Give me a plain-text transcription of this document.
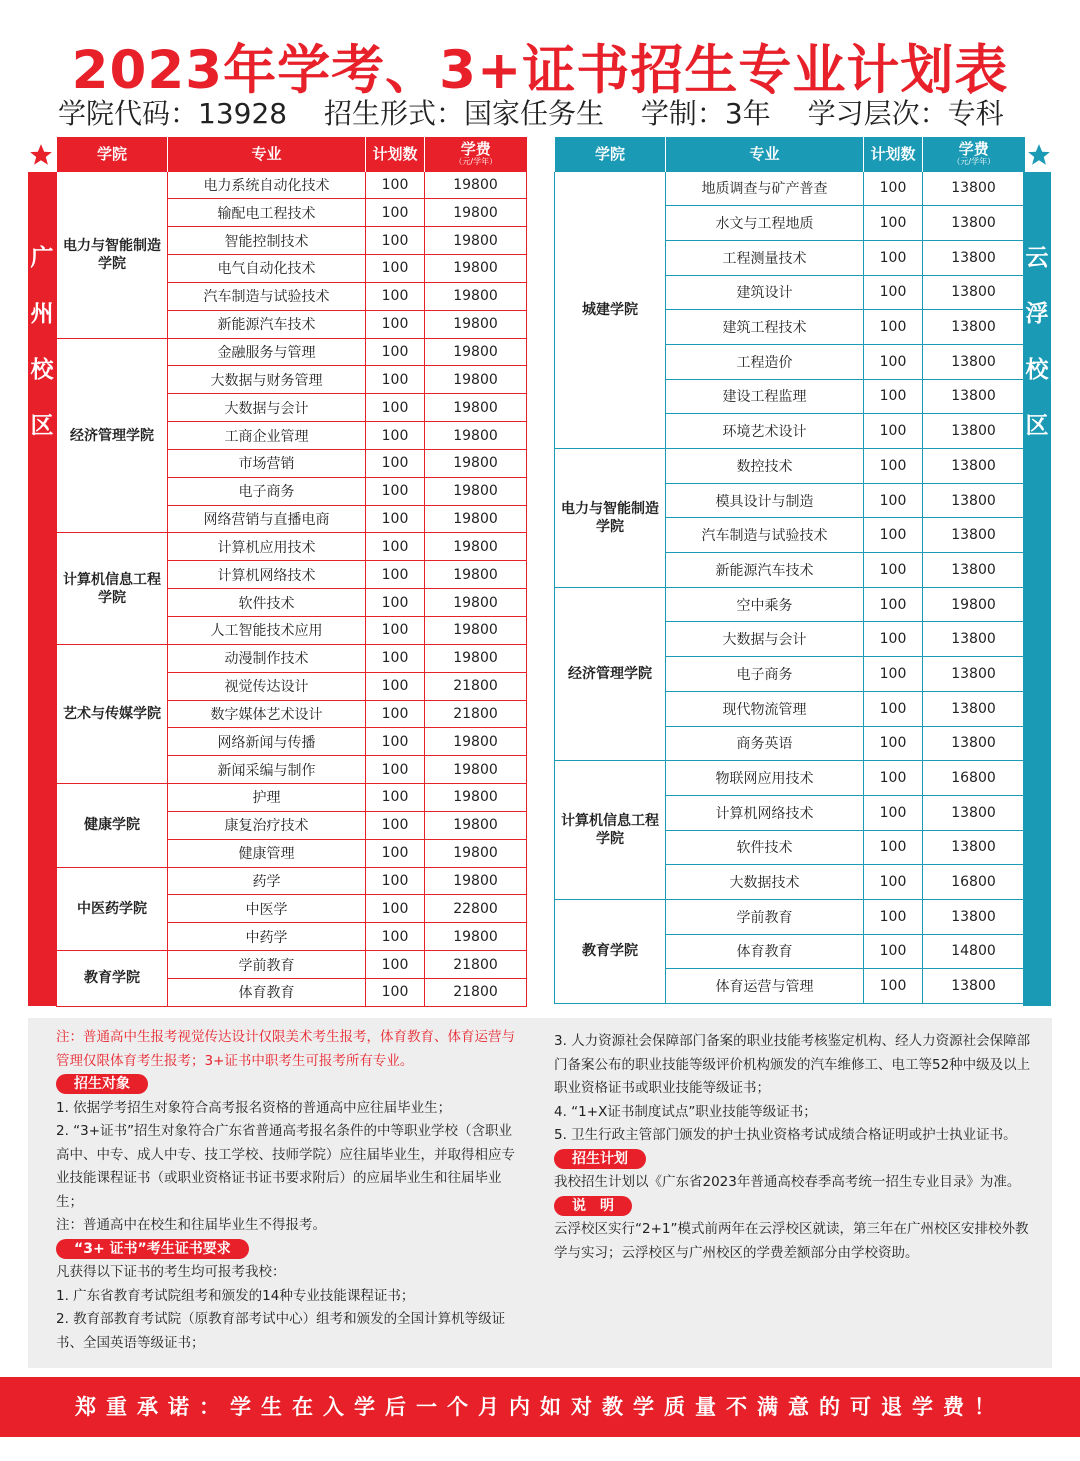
2023年学考、3+证书招生专业计划表
学院代码：13928 招生形式：国家任务生 学制：3年 学习层次：专科
广
州
校
区
云
浮
校
区
学院	专业	计划数	学费
（元/学年）

电力与智能制造学院	电力系统自动化技术	100	19800
	输配电工程技术	100	19800
	智能控制技术	100	19800
	电气自动化技术	100	19800
	汽车制造与试验技术	100	19800
	新能源汽车技术	100	19800
经济管理学院	金融服务与管理	100	19800
	大数据与财务管理	100	19800
	大数据与会计	100	19800
	工商企业管理	100	19800
	市场营销	100	19800
	电子商务	100	19800
	网络营销与直播电商	100	19800
计算机信息工程学院	计算机应用技术	100	19800
	计算机网络技术	100	19800
	软件技术	100	19800
	人工智能技术应用	100	19800
艺术与传媒学院	动漫制作技术	100	19800
	视觉传达设计	100	21800
	数字媒体艺术设计	100	21800
	网络新闻与传播	100	19800
	新闻采编与制作	100	19800
健康学院	护理	100	19800
	康复治疗技术	100	19800
	健康管理	100	19800
中医药学院	药学	100	19800
	中医学	100	22800
	中药学	100	19800
教育学院	学前教育	100	21800
	体育教育	100	21800
学院	专业	计划数	学费
（元/学年）

城建学院	地质调查与矿产普查	100	13800
	水文与工程地质	100	13800
	工程测量技术	100	13800
	建筑设计	100	13800
	建筑工程技术	100	13800
	工程造价	100	13800
	建设工程监理	100	13800
	环境艺术设计	100	13800
电力与智能制造学院	数控技术	100	13800
	模具设计与制造	100	13800
	汽车制造与试验技术	100	13800
	新能源汽车技术	100	13800
经济管理学院	空中乘务	100	19800
	大数据与会计	100	13800
	电子商务	100	13800
	现代物流管理	100	13800
	商务英语	100	13800
计算机信息工程学院	物联网应用技术	100	16800
	计算机网络技术	100	13800
	软件技术	100	13800
	大数据技术	100	16800
教育学院	学前教育	100	13800
	体育教育	100	14800
	体育运营与管理	100	13800
注：普通高中生报考视觉传达设计仅限美术考生报考，体育教育、体育运营与管理仅限体育考生报考；3+证书中职考生可报考所有专业。
招生对象
1. 依据学考招生对象符合高考报名资格的普通高中应往届毕业生；
2. “3+证书”招生对象符合广东省普通高考报名条件的中等职业学校（含职业高中、中专、成人中专、技工学校、技师学院）应往届毕业生，并取得相应专业技能课程证书（或职业资格证书证书要求附后）的应届毕业生和往届毕业生；
注：普通高中在校生和往届毕业生不得报考。
“3+ 证书”考生证书要求
凡获得以下证书的考生均可报考我校：
1. 广东省教育考试院组考和颁发的14种专业技能课程证书；
2. 教育部教育考试院（原教育部考试中心）组考和颁发的全国计算机等级证书、全国英语等级证书；
3. 人力资源社会保障部门备案的职业技能考核鉴定机构、经人力资源社会保障部门备案公布的职业技能等级评价机构颁发的汽车维修工、电工等52种中级及以上职业资格证书或职业技能等级证书；
4. “1+X证书制度试点”职业技能等级证书；
5. 卫生行政主管部门颁发的护士执业资格考试成绩合格证明或护士执业证书。
招生计划
我校招生计划以《广东省2023年普通高校春季高考统一招生专业目录》为准。
说　明
云浮校区实行“2+1”模式前两年在云浮校区就读，第三年在广州校区安排校外教学与实习；云浮校区与广州校区的学费差额部分由学校资助。
郑重承诺：学生在入学后一个月内如对教学质量不满意的可退学费！
